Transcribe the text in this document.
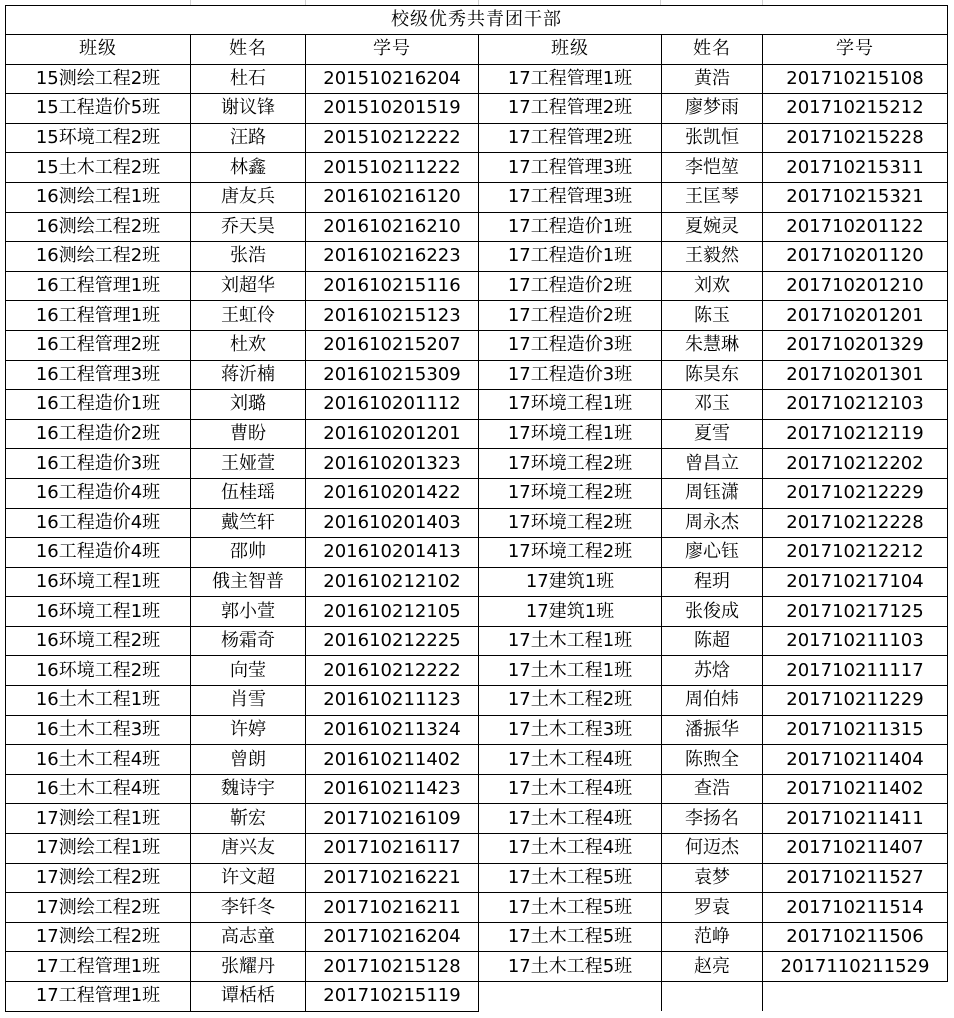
校级优秀共青团干部					
班级	姓名	学号	班级	姓名	学号
15测绘工程2班	杜石	201510216204	17工程管理1班	黄浩	201710215108
15工程造价5班	谢议锋	201510201519	17工程管理2班	廖梦雨	201710215212
15环境工程2班	汪路	201510212222	17工程管理2班	张凯恒	201710215228
15土木工程2班	林鑫	201510211222	17工程管理3班	李恺堃	201710215311
16测绘工程1班	唐友兵	201610216120	17工程管理3班	王匡琴	201710215321
16测绘工程2班	乔天昊	201610216210	17工程造价1班	夏婉灵	201710201122
16测绘工程2班	张浩	201610216223	17工程造价1班	王毅然	201710201120
16工程管理1班	刘超华	201610215116	17工程造价2班	刘欢	201710201210
16工程管理1班	王虹伶	201610215123	17工程造价2班	陈玉	201710201201
16工程管理2班	杜欢	201610215207	17工程造价3班	朱慧琳	201710201329
16工程管理3班	蒋沂楠	201610215309	17工程造价3班	陈昊东	201710201301
16工程造价1班	刘璐	201610201112	17环境工程1班	邓玉	201710212103
16工程造价2班	曹盼	201610201201	17环境工程1班	夏雪	201710212119
16工程造价3班	王娅萱	201610201323	17环境工程2班	曾昌立	201710212202
16工程造价4班	伍桂瑶	201610201422	17环境工程2班	周钰潇	201710212229
16工程造价4班	戴竺轩	201610201403	17环境工程2班	周永杰	201710212228
16工程造价4班	邵帅	201610201413	17环境工程2班	廖心钰	201710212212
16环境工程1班	俄主智普	201610212102	17建筑1班	程玥	201710217104
16环境工程1班	郭小萱	201610212105	17建筑1班	张俊成	201710217125
16环境工程2班	杨霜奇	201610212225	17土木工程1班	陈超	201710211103
16环境工程2班	向莹	201610212222	17土木工程1班	苏焓	201710211117
16土木工程1班	肖雪	201610211123	17土木工程2班	周伯炜	201710211229
16土木工程3班	许婷	201610211324	17土木工程3班	潘振华	201710211315
16土木工程4班	曾朗	201610211402	17土木工程4班	陈煦全	201710211404
16土木工程4班	魏诗宇	201610211423	17土木工程4班	查浩	201710211402
17测绘工程1班	靳宏	201710216109	17土木工程4班	李扬名	201710211411
17测绘工程1班	唐兴友	201710216117	17土木工程4班	何迈杰	201710211407
17测绘工程2班	许文超	201710216221	17土木工程5班	袁梦	201710211527
17测绘工程2班	李钎冬	201710216211	17土木工程5班	罗袁	201710211514
17测绘工程2班	高志童	201710216204	17土木工程5班	范峥	201710211506
17工程管理1班	张耀丹	201710215128	17土木工程5班	赵亮	2017110211529
17工程管理1班	谭栝栝	201710215119			
